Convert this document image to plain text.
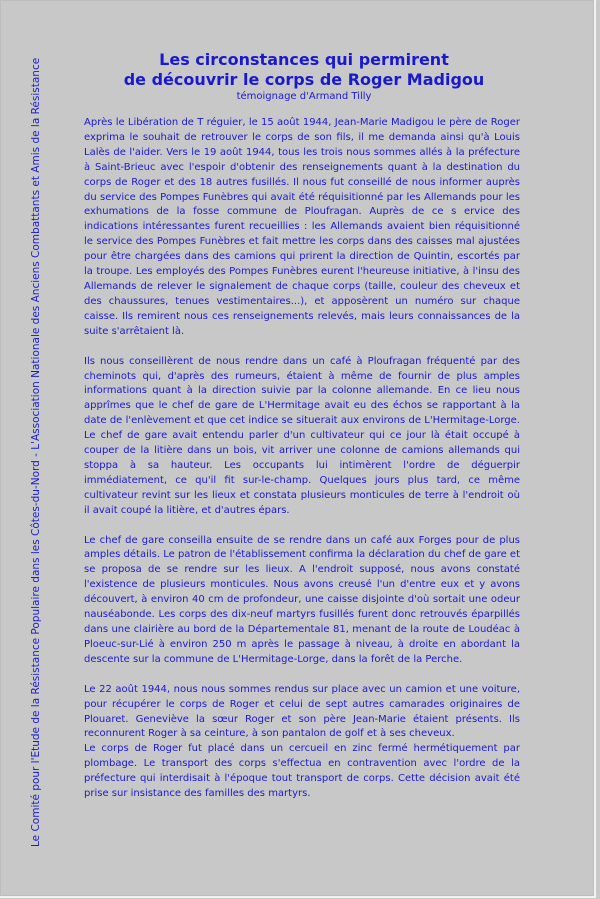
Le Comité pour l'Etude de la Résistance Populaire dans les Côtes-du-Nord - L'Association Nationale des Anciens Combattants et Amis de la Résistance	Les circonstances qui permirent
de découvrir le corps de Roger Madigou
témoignage d'Armand Tilly

Après le Libération de T réguier, le 15 août 1944, Jean-Marie Madigou le père de Roger exprima le souhait de retrouver le corps de son fils, il me demanda ainsi qu'à Louis Lalès de l'aider. Vers le 19 août 1944, tous les trois nous sommes allés à la préfecture à Saint-Brieuc avec l'espoir d'obtenir des renseignements quant à la destination du corps de Roger et des 18 autres fusillés. Il nous fut conseillé de nous informer auprès du service des Pompes Funèbres qui avait été réquisitionné par les Allemands pour les exhumations de la fosse commune de Ploufragan. Auprès de ce s ervice des indications intéressantes furent recueillies : les Allemands avaient bien réquisitionné le service des Pompes Funèbres et fait mettre les corps dans des caisses mal ajustées pour être chargées dans des camions qui prirent la direction de Quintin, escortés par la troupe. Les employés des Pompes Funèbres eurent l'heureuse initiative, à l'insu des Allemands de relever le signalement de chaque corps (taille, couleur des cheveux et des chaussures, tenues vestimentaires...), et apposèrent un numéro sur chaque caisse. Ils remirent nous ces renseignements relevés, mais leurs connaissances de la suite s'arrêtaient là.

Ils nous conseillèrent de nous rendre dans un café à Ploufragan fréquenté par des cheminots qui, d'après des rumeurs, étaient à même de fournir de plus amples informations quant à la direction suivie par la colonne allemande. En ce lieu nous apprîmes que le chef de gare de L'Hermitage avait eu des échos se rapportant à la date de l'enlèvement et que cet indice se situerait aux environs de L'Hermitage-Lorge. Le chef de gare avait entendu parler d'un cultivateur qui ce jour là était occupé à couper de la litière dans un bois, vit arriver une colonne de camions allemands qui stoppa à sa hauteur. Les occupants lui intimèrent l'ordre de déguerpir immédiatement, ce qu'il fit sur-le-champ. Quelques jours plus tard, ce même cultivateur revint sur les lieux et constata plusieurs monticules de terre à l'endroit où il avait coupé la litière, et d'autres épars.

Le chef de gare conseilla ensuite de se rendre dans un café aux Forges pour de plus amples détails. Le patron de l'établissement confirma la déclaration du chef de gare et se proposa de se rendre sur les lieux. A l'endroit supposé, nous avons constaté l'existence de plusieurs monticules. Nous avons creusé l'un d'entre eux et y avons découvert, à environ 40 cm de profondeur, une caisse disjointe d'où sortait une odeur nauséabonde. Les corps des dix-neuf martyrs fusillés furent donc retrouvés éparpillés dans une clairière au bord de la Départementale 81, menant de la route de Loudéac à Ploeuc-sur-Lié à environ 250 m après le passage à niveau, à droite en abordant la descente sur la commune de L'Hermitage-Lorge, dans la forêt de la Perche.

Le 22 août 1944, nous nous sommes rendus sur place avec un camion et une voiture, pour récupérer le corps de Roger et celui de sept autres camarades originaires de Plouaret. Geneviève la sœur Roger et son père Jean-Marie étaient présents. Ils reconnurent Roger à sa ceinture, à son pantalon de golf et à ses cheveux.

Le corps de Roger fut placé dans un cercueil en zinc fermé hermétiquement par plombage. Le transport des corps s'effectua en contravention avec l'ordre de la préfecture qui interdisait à l'époque tout transport de corps. Cette décision avait été prise sur insistance des familles des martyrs.
